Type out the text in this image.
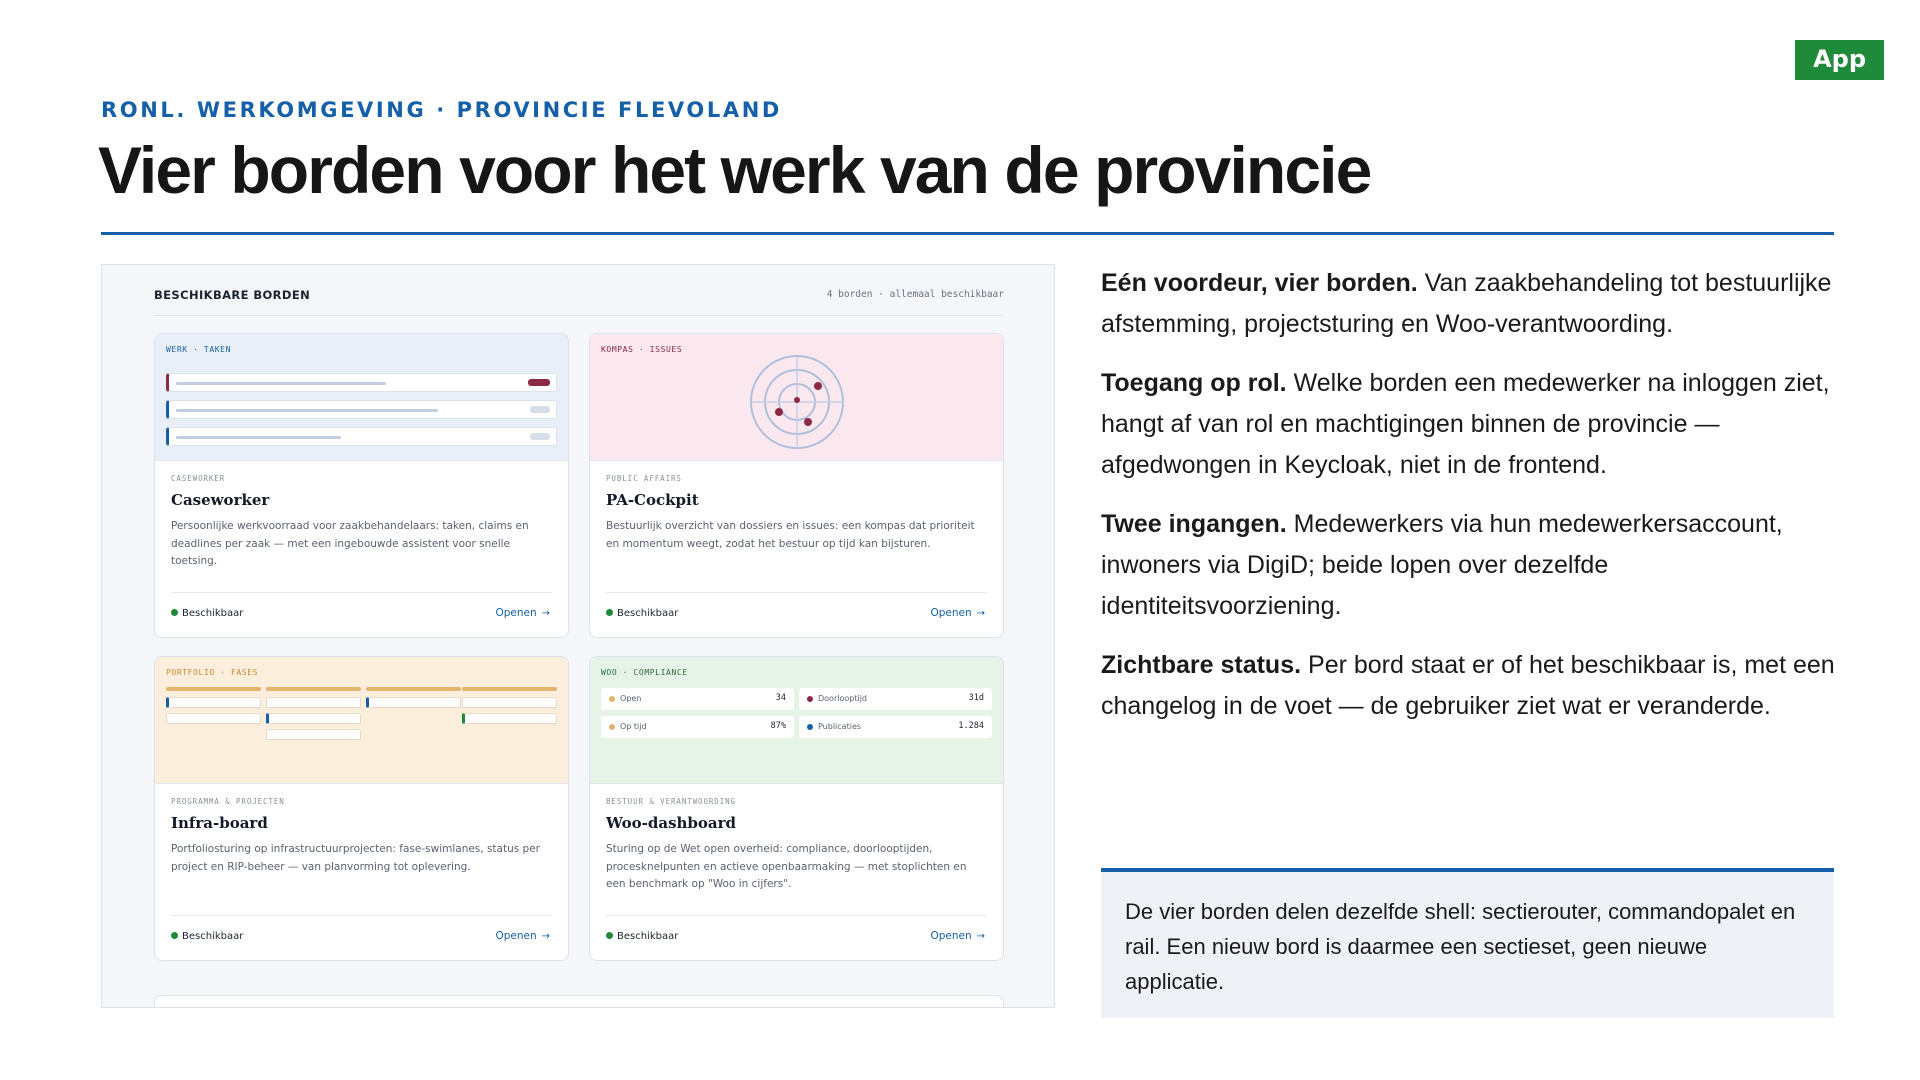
App
RONL. WERKOMGEVING · PROVINCIE FLEVOLAND
Vier borden voor het werk van de provincie
BESCHIKBARE BORDEN	4 borden · allemaal beschikbaar
WERK · TAKEN
CASEWORKER
Caseworker
Persoonlijke werkvoorraad voor zaakbehandelaars: taken, claims en deadlines per zaak — met een ingebouwde assistent voor snelle toetsing.
Beschikbaar	Openen →
KOMPAS · ISSUES
PUBLIC AFFAIRS
PA-Cockpit
Bestuurlijk overzicht van dossiers en issues: een kompas dat prioriteit en momentum weegt, zodat het bestuur op tijd kan bijsturen.
Beschikbaar	Openen →
PORTFOLIO · FASES
PROGRAMMA & PROJECTEN
Infra-board
Portfoliosturing op infrastructuurprojecten: fase-swimlanes, status per project en RIP-beheer — van planvorming tot oplevering.
Beschikbaar	Openen →
WOO · COMPLIANCE
Open	34	Doorlooptijd	31d
Op tijd	87%	Publicaties	1.284
BESTUUR & VERANTWOORDING
Woo-dashboard
Sturing op de Wet open overheid: compliance, doorlooptijden, procesknelpunten en actieve openbaarmaking — met stoplichten en een benchmark op "Woo in cijfers".
Beschikbaar	Openen →

Eén voordeur, vier borden. Van zaakbehandeling tot bestuurlijke afstemming, projectsturing en Woo-verantwoording.

Toegang op rol. Welke borden een medewerker na inloggen ziet, hangt af van rol en machtigingen binnen de provincie — afgedwongen in Keycloak, niet in de frontend.

Twee ingangen. Medewerkers via hun medewerkersaccount, inwoners via DigiD; beide lopen over dezelfde identiteitsvoorziening.

Zichtbare status. Per bord staat er of het beschikbaar is, met een changelog in de voet — de gebruiker ziet wat er veranderde.

De vier borden delen dezelfde shell: sectierouter, commandopalet en rail. Een nieuw bord is daarmee een sectieset, geen nieuwe applicatie.
